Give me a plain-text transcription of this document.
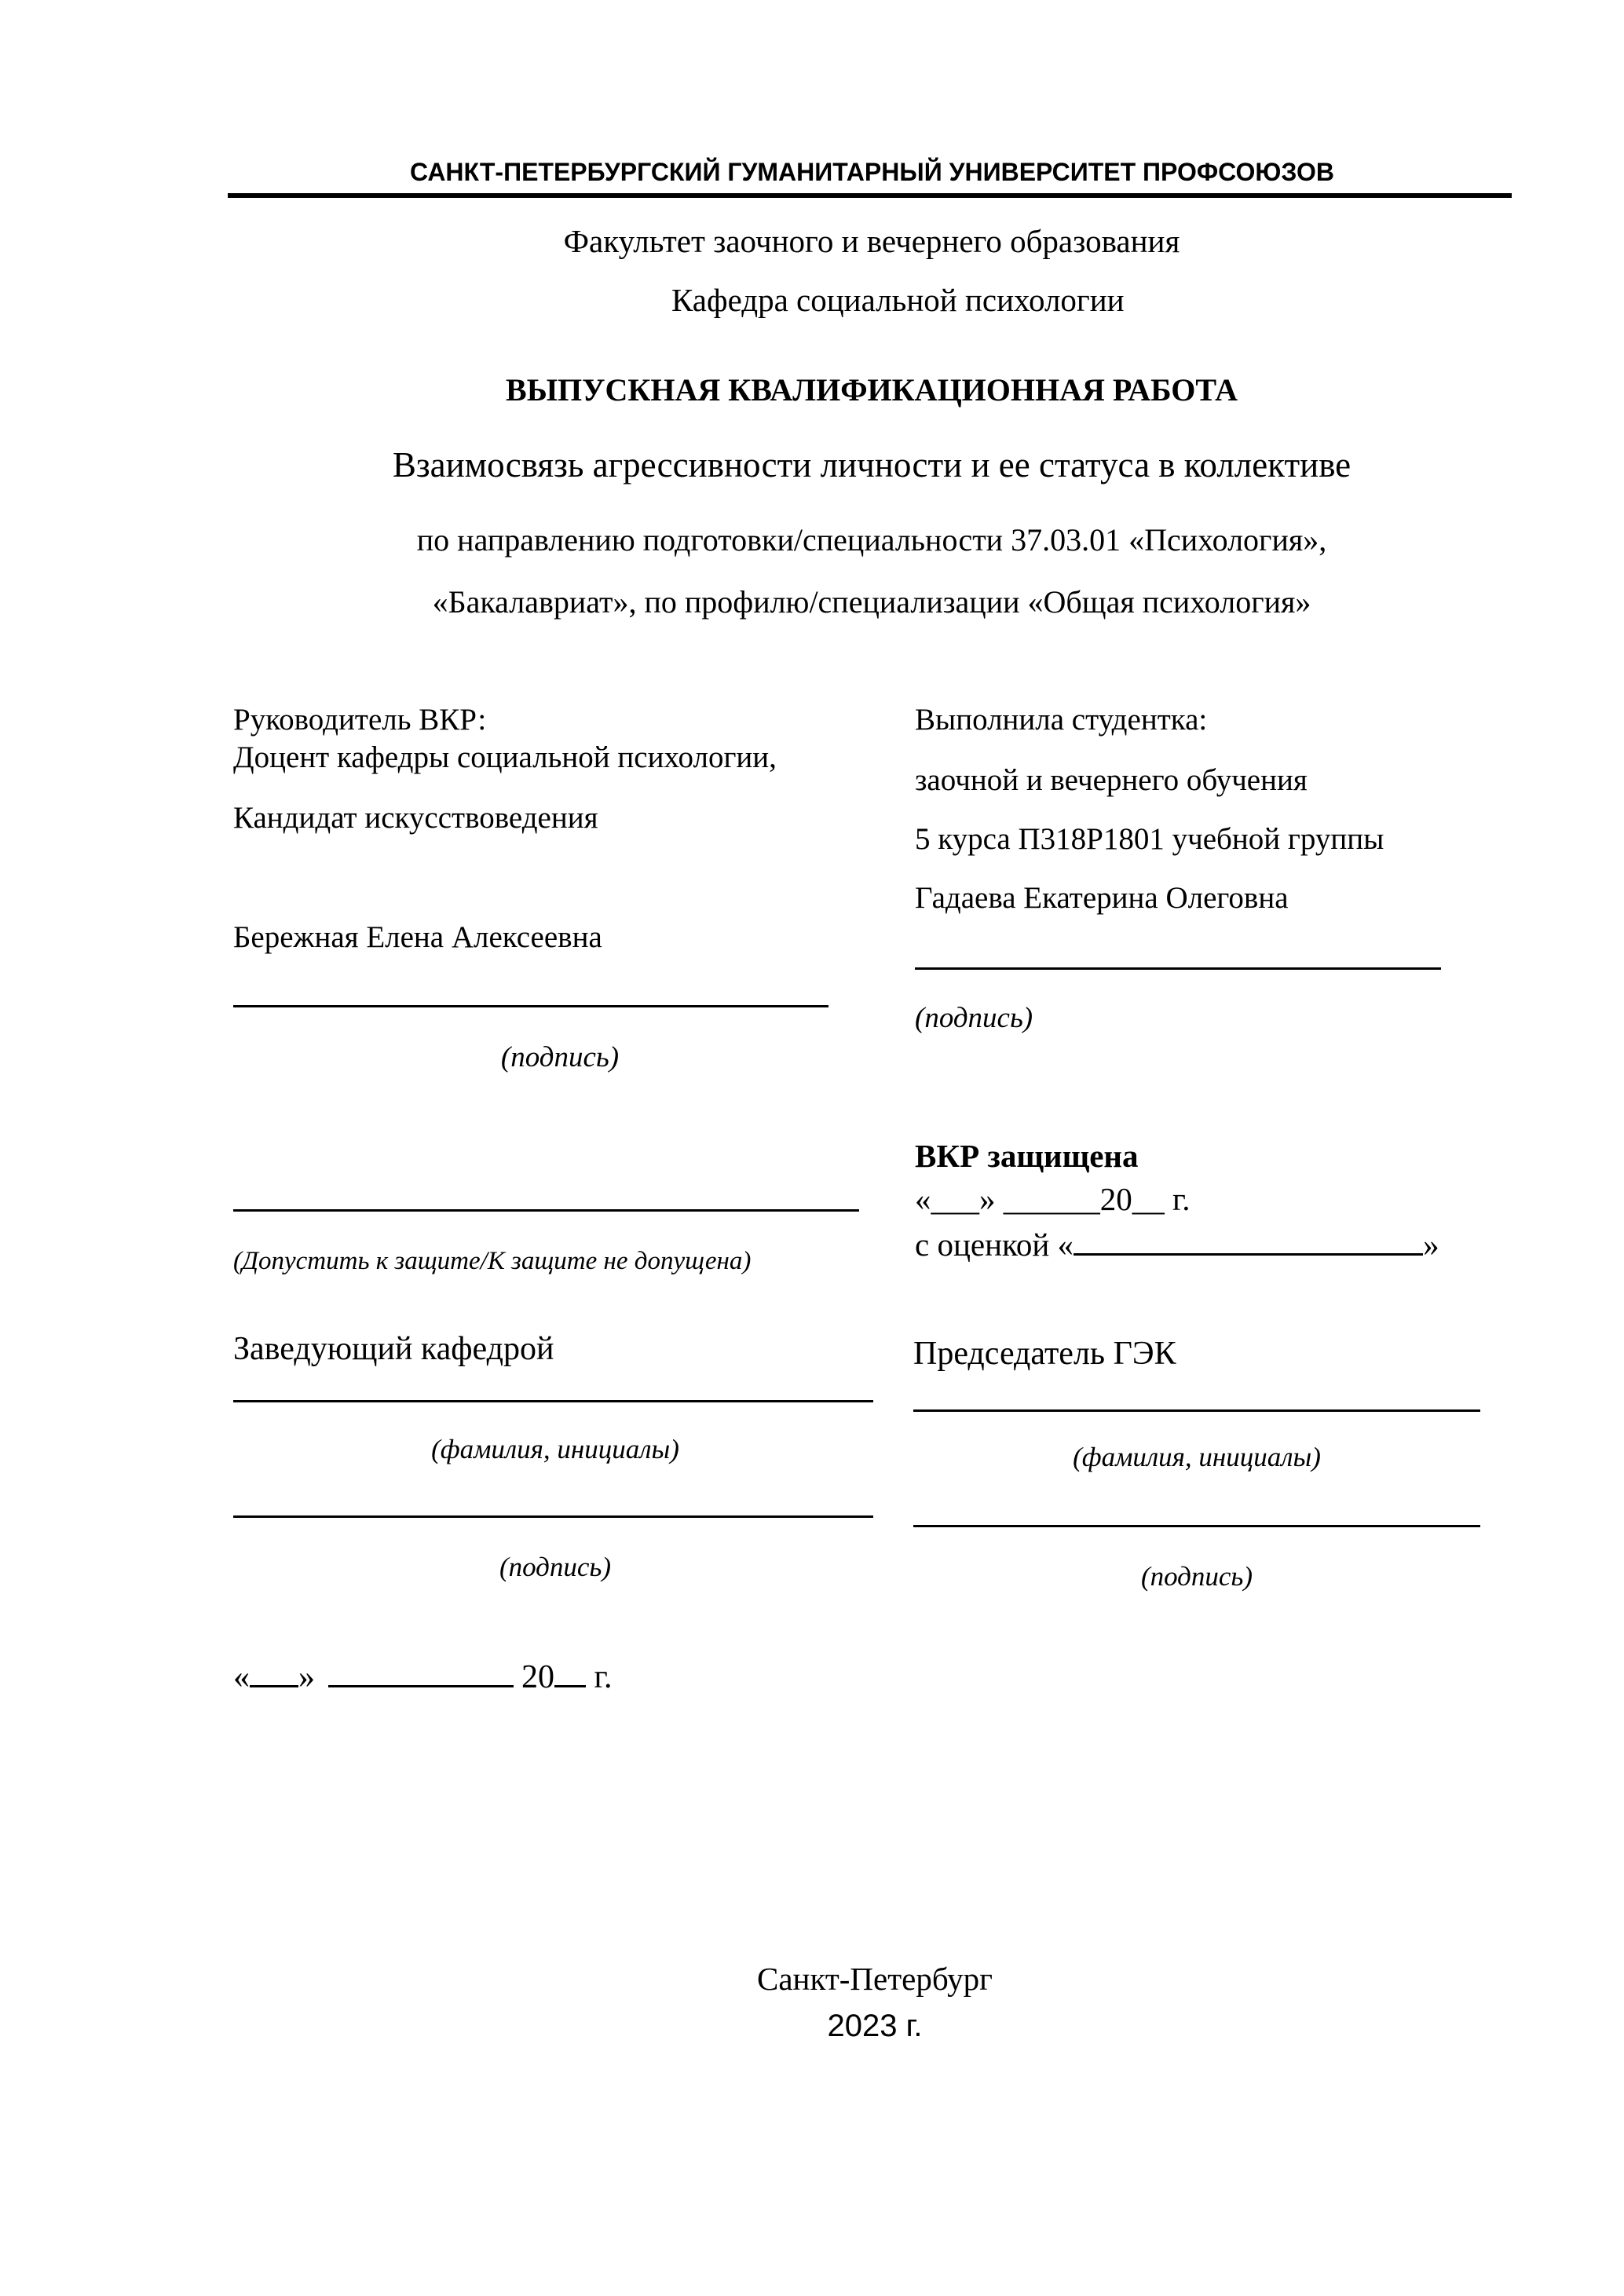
САНКТ-ПЕТЕРБУРГСКИЙ ГУМАНИТАРНЫЙ УНИВЕРСИТЕТ ПРОФСОЮЗОВ
Факультет заочного и вечернего образования
Кафедра социальной психологии
ВЫПУСКНАЯ КВАЛИФИКАЦИОННАЯ РАБОТА
Взаимосвязь агрессивности личности и ее статуса в коллективе
по направлению подготовки/специальности 37.03.01 «Психология»,
«Бакалавриат», по профилю/специализации «Общая психология»
Руководитель ВКР:
Доцент кафедры социальной психологии,
Кандидат искусствоведения
Бережная Елена Алексеевна
(подпись)
Выполнила студентка:
заочной и вечернего обучения
5 курса П318Р1801 учебной группы
Гадаева Екатерина Олеговна
(подпись)
(Допустить к защите/К защите не допущена)
ВКР защищена
«___» ______20__ г.
с оценкой «	»
Заведующий кафедрой
(фамилия, инициалы)
(подпись)
Председатель ГЭК
(фамилия, инициалы)
(подпись)
« »	20 г.
Санкт-Петербург
2023 г.
